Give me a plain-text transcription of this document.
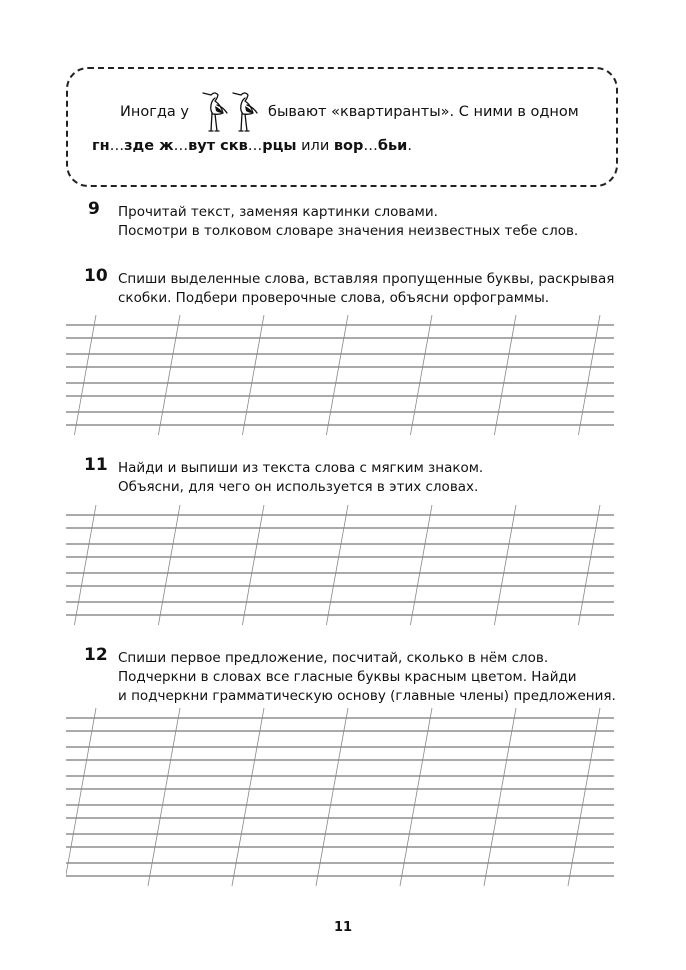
Иногда у	бывают «квартиранты». С ними в одном
гн…зде ж…вут скв…рцы или вор…бьи.
9 Прочитай текст, заменяя картинки словами.
Посмотри в толковом словаре значения неизвестных тебе слов.
10 Спиши выделенные слова, вставляя пропущенные буквы, раскрывая
скобки. Подбери проверочные слова, объясни орфограммы.
11 Найди и выпиши из текста слова с мягким знаком.
Объясни, для чего он используется в этих словах.
12 Спиши первое предложение, посчитай, сколько в нём слов.
Подчеркни в словах все гласные буквы красным цветом. Найди
и подчеркни грамматическую основу (главные члены) предложения.
11
